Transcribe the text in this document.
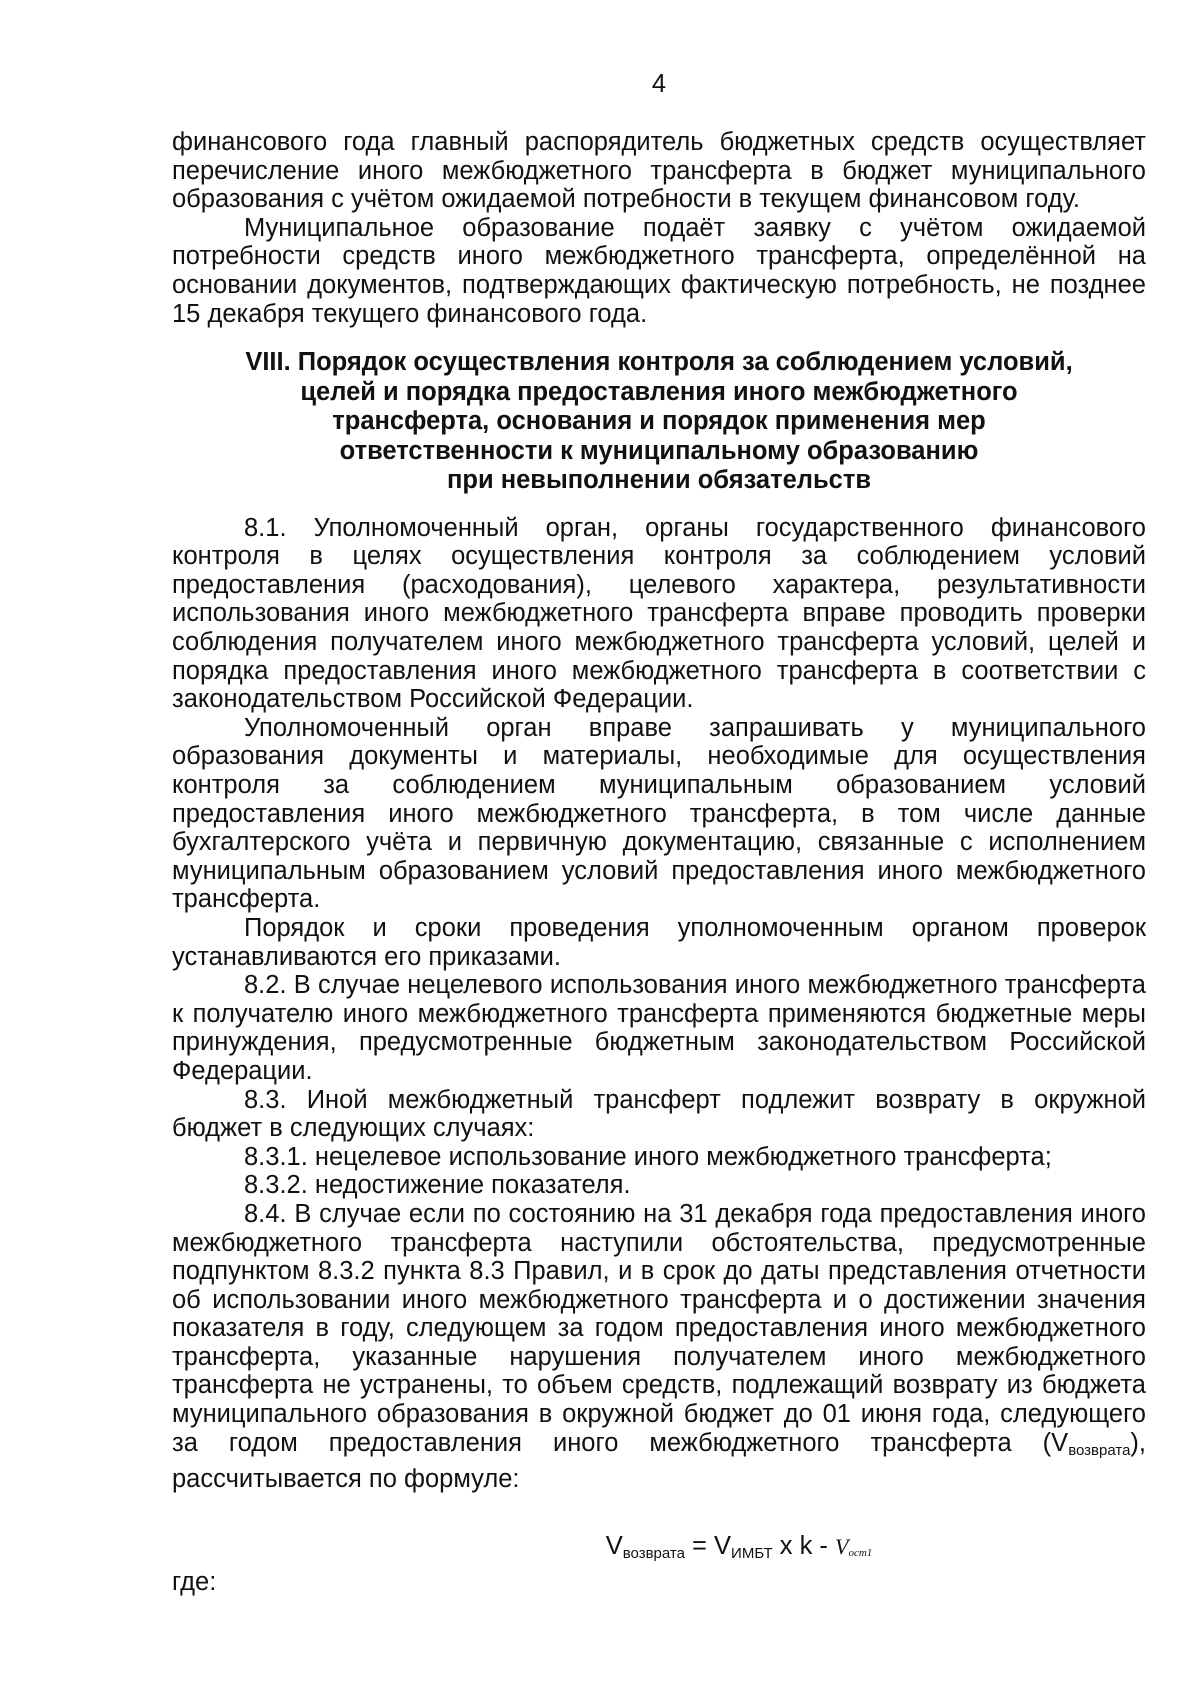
4

финансового года главный распорядитель бюджетных средств осуществляет перечисление иного межбюджетного трансферта в бюджет муниципального образования с учётом ожидаемой потребности в текущем финансовом году.

Муниципальное образование подаёт заявку с учётом ожидаемой потребности средств иного межбюджетного трансферта, определённой на основании документов, подтверждающих фактическую потребность, не позднее 15 декабря текущего финансового года.

VIII. Порядок осуществления контроля за соблюдением условий,
целей и порядка предоставления иного межбюджетного
трансферта, основания и порядок применения мер
ответственности к муниципальному образованию
при невыполнении обязательств

8.1. Уполномоченный орган, органы государственного финансового контроля в целях осуществления контроля за соблюдением условий предоставления (расходования), целевого характера, результативности использования иного межбюджетного трансферта вправе проводить проверки соблюдения получателем иного межбюджетного трансферта условий, целей и порядка предоставления иного межбюджетного трансферта в соответствии с законодательством Российской Федерации.

Уполномоченный орган вправе запрашивать у муниципального образования документы и материалы, необходимые для осуществления контроля за соблюдением муниципальным образованием условий предоставления иного межбюджетного трансферта, в том числе данные бухгалтерского учёта и первичную документацию, связанные с исполнением муниципальным образованием условий предоставления иного межбюджетного трансферта.

Порядок и сроки проведения уполномоченным органом проверок устанавливаются его приказами.

8.2. В случае нецелевого использования иного межбюджетного трансферта к получателю иного межбюджетного трансферта применяются бюджетные меры принуждения, предусмотренные бюджетным законодательством Российской Федерации.

8.3. Иной межбюджетный трансферт подлежит возврату в окружной бюджет в следующих случаях:

8.3.1. нецелевое использование иного межбюджетного трансферта;

8.3.2. недостижение показателя.

8.4. В случае если по состоянию на 31 декабря года предоставления иного межбюджетного трансферта наступили обстоятельства, предусмотренные подпунктом 8.3.2 пункта 8.3 Правил, и в срок до даты представления отчетности об использовании иного межбюджетного трансферта и о достижении значения показателя в году, следующем за годом предоставления иного межбюджетного трансферта, указанные нарушения получателем иного межбюджетного трансферта не устранены, то объем средств, подлежащий возврату из бюджета муниципального образования в окружной бюджет до 01 июня года, следующего за годом предоставления иного межбюджетного трансферта $(V_{возврата})$, рассчитывается по формуле:

$V_{возврата} = V_{ИМБТ}$ x k - Vост1
где:
